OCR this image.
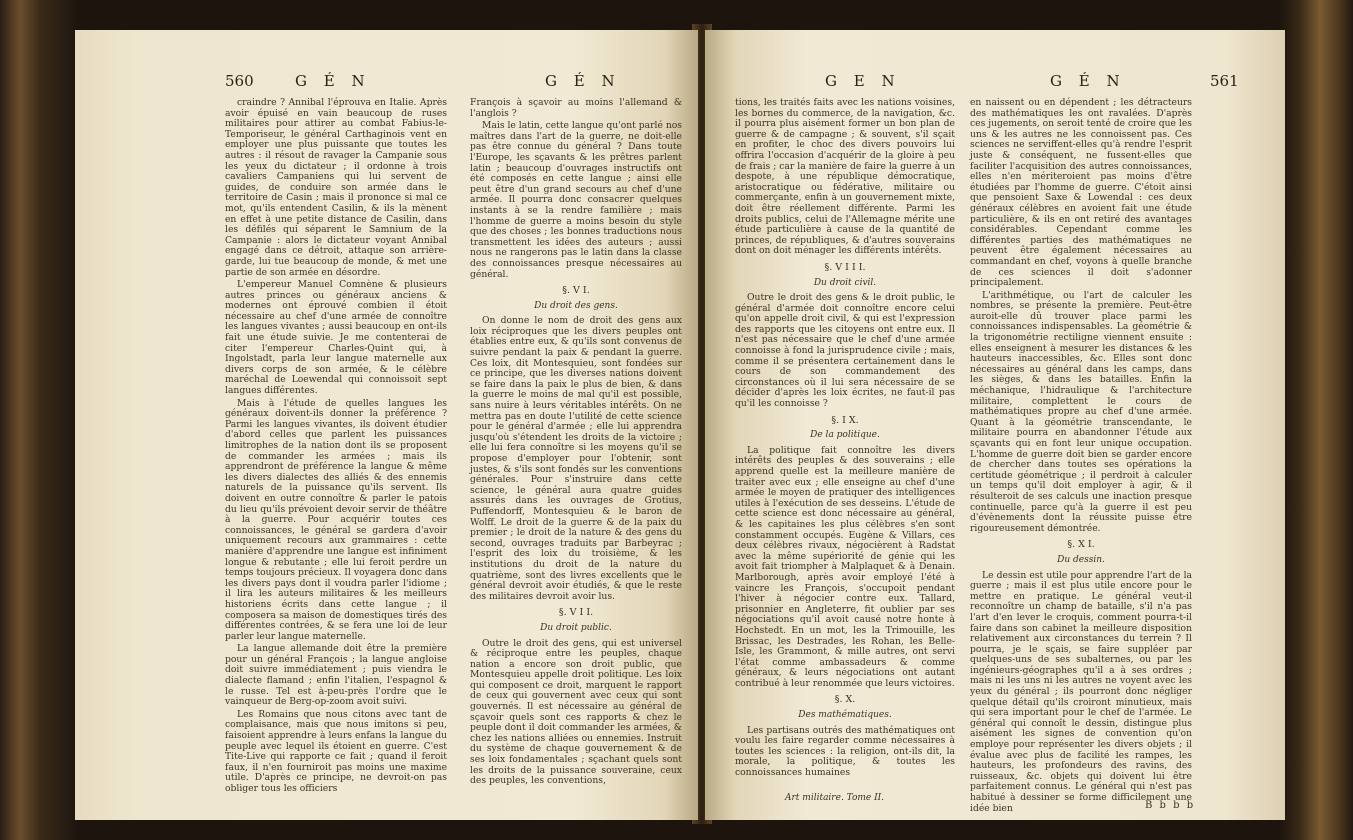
560	G É N	G É N

craindre ? Annibal l'éprouva en Italie. Après avoir épuisé en vain beaucoup de ruses militaires pour attirer au combat Fabius-le-Temporiseur, le général Carthaginois vent en employer une plus puissante que toutes les autres : il résout de ravager la Campanie sous les yeux du dictateur ; il ordonne à trois cavaliers Campaniens qui lui servent de guides, de conduire son armée dans le territoire de Casin ; mais il prononce si mal ce mot, qu'ils entendent Casilin, & ils la mènent en effet à une petite distance de Casilin, dans les défilés qui séparent le Samnium de la Campanie : alors le dictateur voyant Annibal engagé dans ce détroit, attaque son arrière-garde, lui tue beaucoup de monde, & met une partie de son armée en désordre.

L'empereur Manuel Comnène & plusieurs autres princes ou généraux anciens & modernes ont éprouvé combien il étoit nécessaire au chef d'une armée de connoître les langues vivantes ; aussi beaucoup en ont-ils fait une étude suivie. Je me contenterai de citer l'empereur Charles-Quint qui, à Ingolstadt, parla leur langue maternelle aux divers corps de son armée, & le célèbre maréchal de Loewendal qui connoissoit sept langues différentes.

Mais à l'étude de quelles langues les généraux doivent-ils donner la préférence ? Parmi les langues vivantes, ils doivent étudier d'abord celles que parlent les puissances limitrophes de la nation dont ils se proposent de commander les armées ; mais ils apprendront de préférence la langue & même les divers dialectes des alliés & des ennemis naturels de la puissance qu'ils servent. Ils doivent en outre connoître & parler le patois du lieu qu'ils prévoient devoir servir de théâtre à la guerre. Pour acquérir toutes ces connoissances, le général se gardera d'avoir uniquement recours aux grammaires : cette manière d'apprendre une langue est infiniment longue & rebutante ; elle lui feroit perdre un temps toujours précieux. Il voyagera donc dans les divers pays dont il voudra parler l'idiome ; il lira les auteurs militaires & les meilleurs historiens écrits dans cette langue ; il composera sa maison de domestiques tirés des différentes contrées, & se fera une loi de leur parler leur langue maternelle.

La langue allemande doit être la première pour un général François ; la langue angloise doit suivre immédiatement ; puis viendra le dialecte flamand ; enfin l'italien, l'espagnol & le russe. Tel est à-peu-près l'ordre que le vainqueur de Berg-op-zoom avoit suivi.

Les Romains que nous citons avec tant de complaisance, mais que nous imitons si peu, faisoient apprendre à leurs enfans la langue du peuple avec lequel ils étoient en guerre. C'est Tite-Live qui rapporte ce fait ; quand il feroit faux, il n'en fourniroit pas moins une maxime utile. D'après ce principe, ne devroit-on pas obliger tous les officiers

François à sçavoir au moins l'allemand & l'anglois ?

Mais le latin, cette langue qu'ont parlé nos maîtres dans l'art de la guerre, ne doit-elle pas être connue du général ? Dans toute l'Europe, les sçavants & les prêtres parlent latin ; beaucoup d'ouvrages instructifs ont été composés en cette langue ; ainsi elle peut être d'un grand secours au chef d'une armée. Il pourra donc consacrer quelques instants à se la rendre familière ; mais l'homme de guerre a moins besoin du style que des choses ; les bonnes traductions nous transmettent les idées des auteurs ; aussi nous ne rangerons pas le latin dans la classe des connoissances presque nécessaires au général.

§. V I.
Du droit des gens.

On donne le nom de droit des gens aux loix réciproques que les divers peuples ont établies entre eux, & qu'ils sont convenus de suivre pendant la paix & pendant la guerre. Ces loix, dit Montesquieu, sont fondées sur ce principe, que les diverses nations doivent se faire dans la paix le plus de bien, & dans la guerre le moins de mal qu'il est possible, sans nuire à leurs véritables intérêts. On ne mettra pas en doute l'utilité de cette science pour le général d'armée ; elle lui apprendra jusqu'où s'étendent les droits de la victoire ; elle lui fera connoître si les moyens qu'il se propose d'employer pour l'obtenir, sont justes, & s'ils sont fondés sur les conventions générales. Pour s'instruire dans cette science, le général aura quatre guides assurés dans les ouvrages de Grotius, Puffendorff, Montesquieu & le baron de Wolff. Le droit de la guerre & de la paix du premier ; le droit de la nature & des gens du second, ouvrages traduits par Barbeyrac ; l'esprit des loix du troisième, & les institutions du droit de la nature du quatrième, sont des livres excellents que le général devroit avoir étudiés, & que le reste des militaires devroit avoir lus.

§. V I I.
Du droit public.

Outre le droit des gens, qui est universel & réciproque entre les peuples, chaque nation a encore son droit public, que Montesquieu appelle droit politique. Les loix qui composent ce droit, marquent le rapport de ceux qui gouvernent avec ceux qui sont gouvernés. Il est nécessaire au général de sçavoir quels sont ces rapports & chez le peuple dont il doit commander les armées, & chez les nations alliées ou ennemies. Instruit du système de chaque gouvernement & de ses loix fondamentales ; sçachant quels sont les droits de la puissance souveraine, ceux des peuples, les conventions,

G E N	G É N	561

tions, les traités faits avec les nations voisines, les bornes du commerce, de la navigation, &c. il pourra plus aisément former un bon plan de guerre & de campagne ; & souvent, s'il sçait en profiter, le choc des divers pouvoirs lui offrira l'occasion d'acquérir de la gloire à peu de frais ; car la manière de faire la guerre à un despote, à une république démocratique, aristocratique ou fédérative, militaire ou commerçante, enfin à un gouvernement mixte, doit être réellement différente. Parmi les droits publics, celui de l'Allemagne mérite une étude particulière à cause de la quantité de princes, de républiques, & d'autres souverains dont on doit ménager les différents intérêts.

§. V I I I.
Du droit civil.

Outre le droit des gens & le droit public, le général d'armée doit connoître encore celui qu'on appelle droit civil, & qui est l'expression des rapports que les citoyens ont entre eux. Il n'est pas nécessaire que le chef d'une armée connoisse à fond la jurisprudence civile ; mais, comme il se présentera certainement dans le cours de son commandement des circonstances où il lui sera nécessaire de se décider d'après les loix écrites, ne faut-il pas qu'il les connoisse ?

§. I X.
De la politique.

La politique fait connoître les divers intérêts des peuples & des souverains ; elle apprend quelle est la meilleure manière de traiter avec eux ; elle enseigne au chef d'une armée le moyen de pratiquer des intelligences utiles à l'exécution de ses desseins. L'étude de cette science est donc nécessaire au général, & les capitaines les plus célèbres s'en sont constamment occupés. Eugène & Villars, ces deux célèbres rivaux, négocièrent à Radstat avec la même supériorité de génie qui les avoit fait triompher à Malplaquet & à Denain. Marlborough, après avoir employé l'été à vaincre les François, s'occupoit pendant l'hiver à négocier contre eux. Tallard, prisonnier en Angleterre, fit oublier par ses négociations qu'il avoit causé notre honte à Hochstedt. En un mot, les la Trimouille, les Brissac, les Destrades, les Rohan, les Belle-Isle, les Grammont, & mille autres, ont servi l'état comme ambassadeurs & comme généraux, & leurs négociations ont autant contribué à leur renommée que leurs victoires.

§. X.
Des mathématiques.

Les partisans outrés des mathématiques ont voulu les faire regarder comme nécessaires à toutes les sciences : la religion, ont-ils dit, la morale, la politique, & toutes les connoissances humaines

Art militaire. Tome II.

en naissent ou en dépendent ; les détracteurs des mathématiques les ont ravalées. D'après ces jugements, on seroit tenté de croire que les uns & les autres ne les connoissent pas. Ces sciences ne serviffent-elles qu'à rendre l'esprit juste & conséquent, ne fussent-elles que faciliter l'acquisition des autres connoissances, elles n'en mériteroient pas moins d'être étudiées par l'homme de guerre. C'étoit ainsi que pensoient Saxe & Lowendal : ces deux généraux célèbres en avoient fait une étude particulière, & ils en ont retiré des avantages considérables. Cependant comme les différentes parties des mathématiques ne peuvent être également nécessaires au commandant en chef, voyons à quelle branche de ces sciences il doit s'adonner principalement.

L'arithmétique, ou l'art de calculer les nombres, se présente la première. Peut-être auroit-elle dû trouver place parmi les connoissances indispensables. La géométrie & la trigonométrie rectiligne viennent ensuite : elles enseignent à mesurer les distances & les hauteurs inaccessibles, &c. Elles sont donc nécessaires au général dans les camps, dans les sièges, & dans les batailles. Enfin la méchanique, l'hidraulique & l'architecture militaire, complettent le cours de mathématiques propre au chef d'une armée. Quant à la géométrie transcendante, le militaire pourra en abandonner l'étude aux sçavants qui en font leur unique occupation. L'homme de guerre doit bien se garder encore de chercher dans toutes ses opérations la certitude géométrique ; il perdroit à calculer un temps qu'il doit employer à agir, & il résulteroit de ses calculs une inaction presque continuelle, parce qu'à la guerre il est peu d'évènements dont la réussite puisse être rigoureusement démontrée.

§. X I.
Du dessin.

Le dessin est utile pour apprendre l'art de la guerre ; mais il est plus utile encore pour le mettre en pratique. Le général veut-il reconnoître un champ de bataille, s'il n'a pas l'art d'en lever le croquis, comment pourra-t-il faire dans son cabinet la meilleure disposition relativement aux circonstances du terrein ? Il pourra, je le sçais, se faire suppléer par quelques-uns de ses subalternes, ou par les ingénieurs-géographes qu'il a à ses ordres ; mais ni les uns ni les autres ne voyent avec les yeux du général ; ils pourront donc négliger quelque détail qu'ils croiront minutieux, mais qui sera important pour le chef de l'armée. Le général qui connoît le dessin, distingue plus aisément les signes de convention qu'on employe pour représenter les divers objets ; il évalue avec plus de facilité les rampes, les hauteurs, les profondeurs des ravins, des ruisseaux, &c. objets qui doivent lui être parfaitement connus. Le général qui n'est pas habitué à dessiner se forme difficilement une idée bien	B b b b
